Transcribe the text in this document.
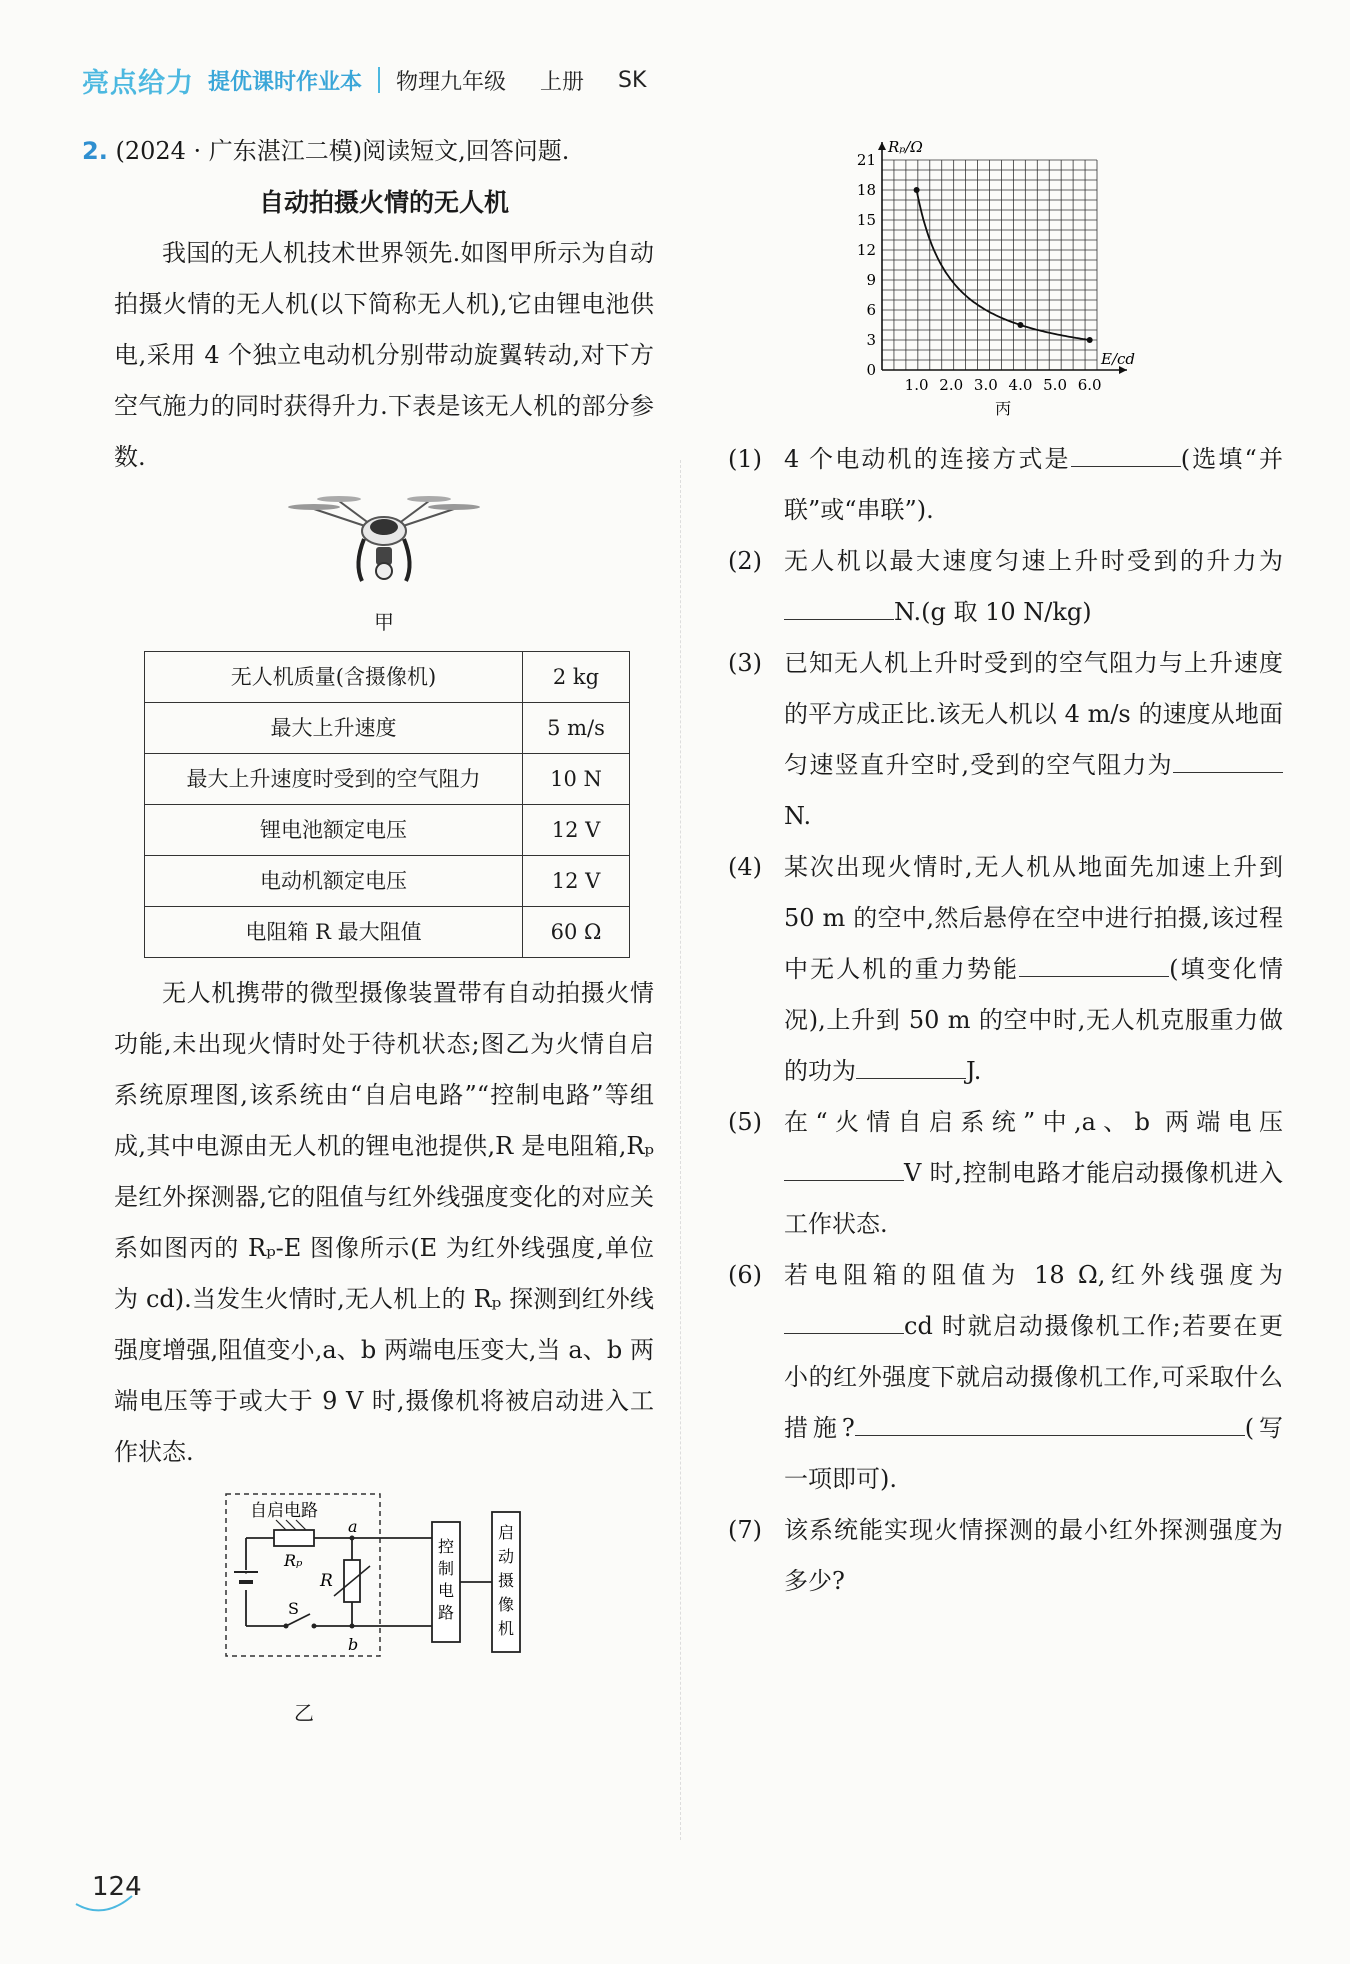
亮点给力 提优课时作业本 物理九年级 上册 SK
2. (2024 · 广东湛江二模)阅读短文,回答问题.
自动拍摄火情的无人机
我国的无人机技术世界领先.如图甲所示为自动拍摄火情的无人机(以下简称无人机),它由锂电池供电,采用 4 个独立电动机分别带动旋翼转动,对下方空气施力的同时获得升力.下表是该无人机的部分参数.
甲
无人机质量(含摄像机)	2 kg
最大上升速度	5 m/s
最大上升速度时受到的空气阻力	10 N
锂电池额定电压	12 V
电动机额定电压	12 V
电阻箱 R 最大阻值	60 Ω
无人机携带的微型摄像装置带有自动拍摄火情功能,未出现火情时处于待机状态;图乙为火情自启系统原理图,该系统由“自启电路”“控制电路”等组成,其中电源由无人机的锂电池提供,R 是电阻箱,Rₚ 是红外探测器,它的阻值与红外线强度变化的对应关系如图丙的 Rₚ-E 图像所示(E 为红外线强度,单位为 cd).当发生火情时,无人机上的 Rₚ 探测到红外线强度增强,阻值变小,a、b 两端电压变大,当 a、b 两端电压等于或大于 9 V 时,摄像机将被启动进入工作状态.
自启电路
Rₚ
R
S
a
b
控制电路
启动摄像机
乙
0
3
6
9
12
15
18
21
1.0 2.0 3.0 4.0 5.0 6.0
Rₚ/Ω
E/cd
丙
(1) 4 个电动机的连接方式是	(选填“并联”或“串联”).
(2) 无人机以最大速度匀速上升时受到的升力为N.(g 取 10 N/kg)
(3) 已知无人机上升时受到的空气阻力与上升速度的平方成正比.该无人机以 4 m/s 的速度从地面匀速竖直升空时,受到的空气阻力为N.
(4) 某次出现火情时,无人机从地面先加速上升到 50 m 的空中,然后悬停在空中进行拍摄,该过程中无人机的重力势能	(填变化情况),上升到 50 m 的空中时,无人机克服重力做的功为	J.
(5) 在“火情自启系统”中,a、b 两端电压V 时,控制电路才能启动摄像机进入工作状态.
(6) 若电阻箱的阻值为 18 Ω,红外线强度为cd 时就启动摄像机工作;若要在更小的红外强度下就启动摄像机工作,可采取什么措施?	(写一项即可).
(7) 该系统能实现火情探测的最小红外探测强度为多少?
124
